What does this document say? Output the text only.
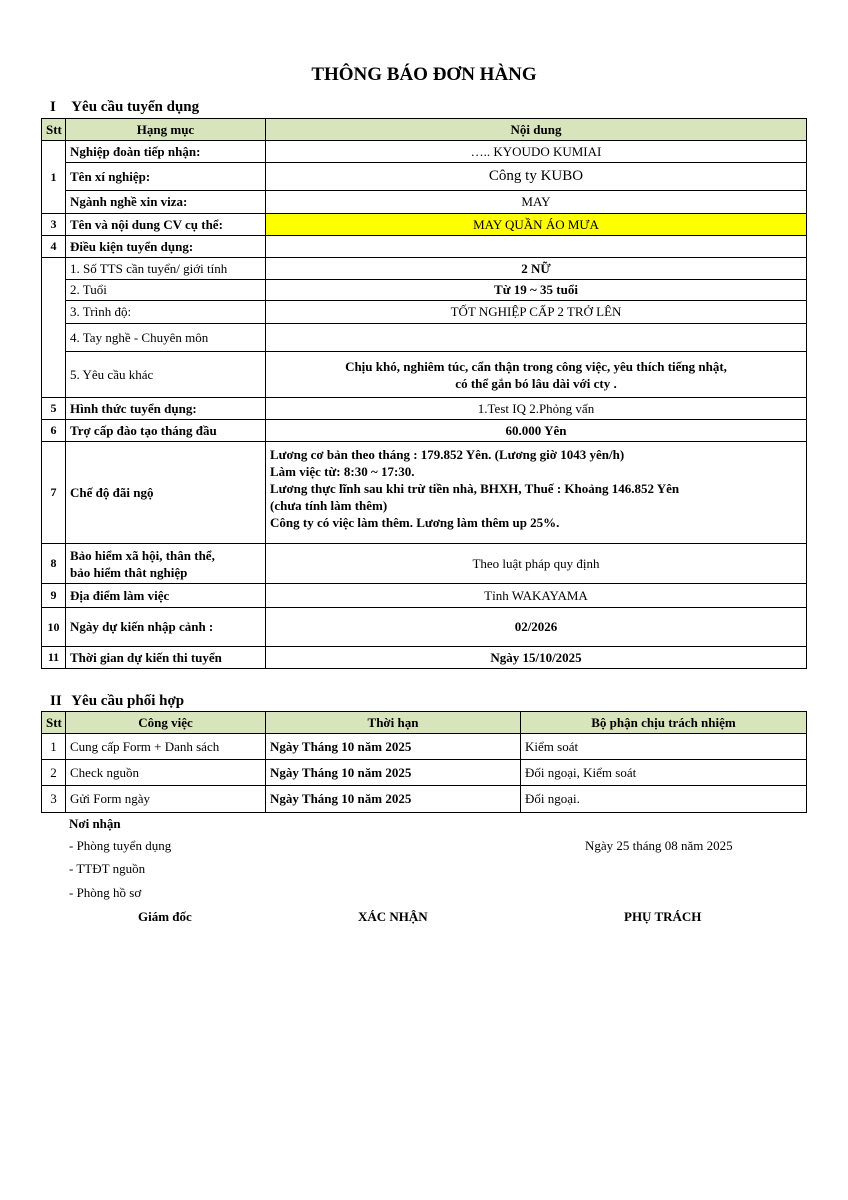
THÔNG BÁO ĐƠN HÀNG
I Yêu cầu tuyển dụng
Stt	Hạng mục	Nội dung
1	Nghiệp đoàn tiếp nhận:	….. KYOUDO KUMIAI
	Tên xí nghiệp:	Công ty KUBO
	Ngành nghề xin viza:	MAY
3	Tên và nội dung CV cụ thể:	MAY QUẦN ÁO MƯA
4	Điều kiện tuyển dụng:	
	1. Số TTS cần tuyển/ giới tính	2 NỮ
	2. Tuổi	Từ 19 ~ 35 tuổi
	3. Trình độ:	TỐT NGHIỆP CẤP 2 TRỞ LÊN
	4. Tay nghề - Chuyên môn	
	5. Yêu cầu khác	Chịu khó, nghiêm túc, cẩn thận trong công việc, yêu thích tiếng nhật,
có thể gắn bó lâu dài với cty .

5	Hình thức tuyển dụng:	1.Test IQ 2.Phỏng vấn
6	Trợ cấp đào tạo tháng đầu	60.000 Yên
7	Chế độ đãi ngộ	Lương cơ bản theo tháng : 179.852 Yên. (Lương giờ 1043 yên/h)
Làm việc từ: 8:30 ~ 17:30.
Lương thực lĩnh sau khi trừ tiền nhà, BHXH, Thuế : Khoảng 146.852 Yên
(chưa tính làm thêm)
Công ty có việc làm thêm. Lương làm thêm up 25%.

8	Bảo hiểm xã hội, thân thể,
bảo hiểm thât nghiệp	Theo luật pháp quy định
9	Địa điểm làm việc	Tỉnh WAKAYAMA
10	Ngày dự kiến nhập cảnh :	02/2026
11	Thời gian dự kiến thi tuyển	Ngày 15/10/2025
II Yêu cầu phối hợp
Stt	Công việc	Thời hạn	Bộ phận chịu trách nhiệm
1	Cung cấp Form + Danh sách	Ngày Tháng 10 năm 2025	Kiểm soát
2	Check nguồn	Ngày Tháng 10 năm 2025	Đối ngoại, Kiểm soát
3	Gửi Form ngày	Ngày Tháng 10 năm 2025	Đối ngoại.
Nơi nhận
- Phòng tuyển dụng
- TTĐT nguồn
- Phòng hồ sơ
Ngày 25 tháng 08 năm 2025
Giám đốc	XÁC NHẬN	PHỤ TRÁCH
